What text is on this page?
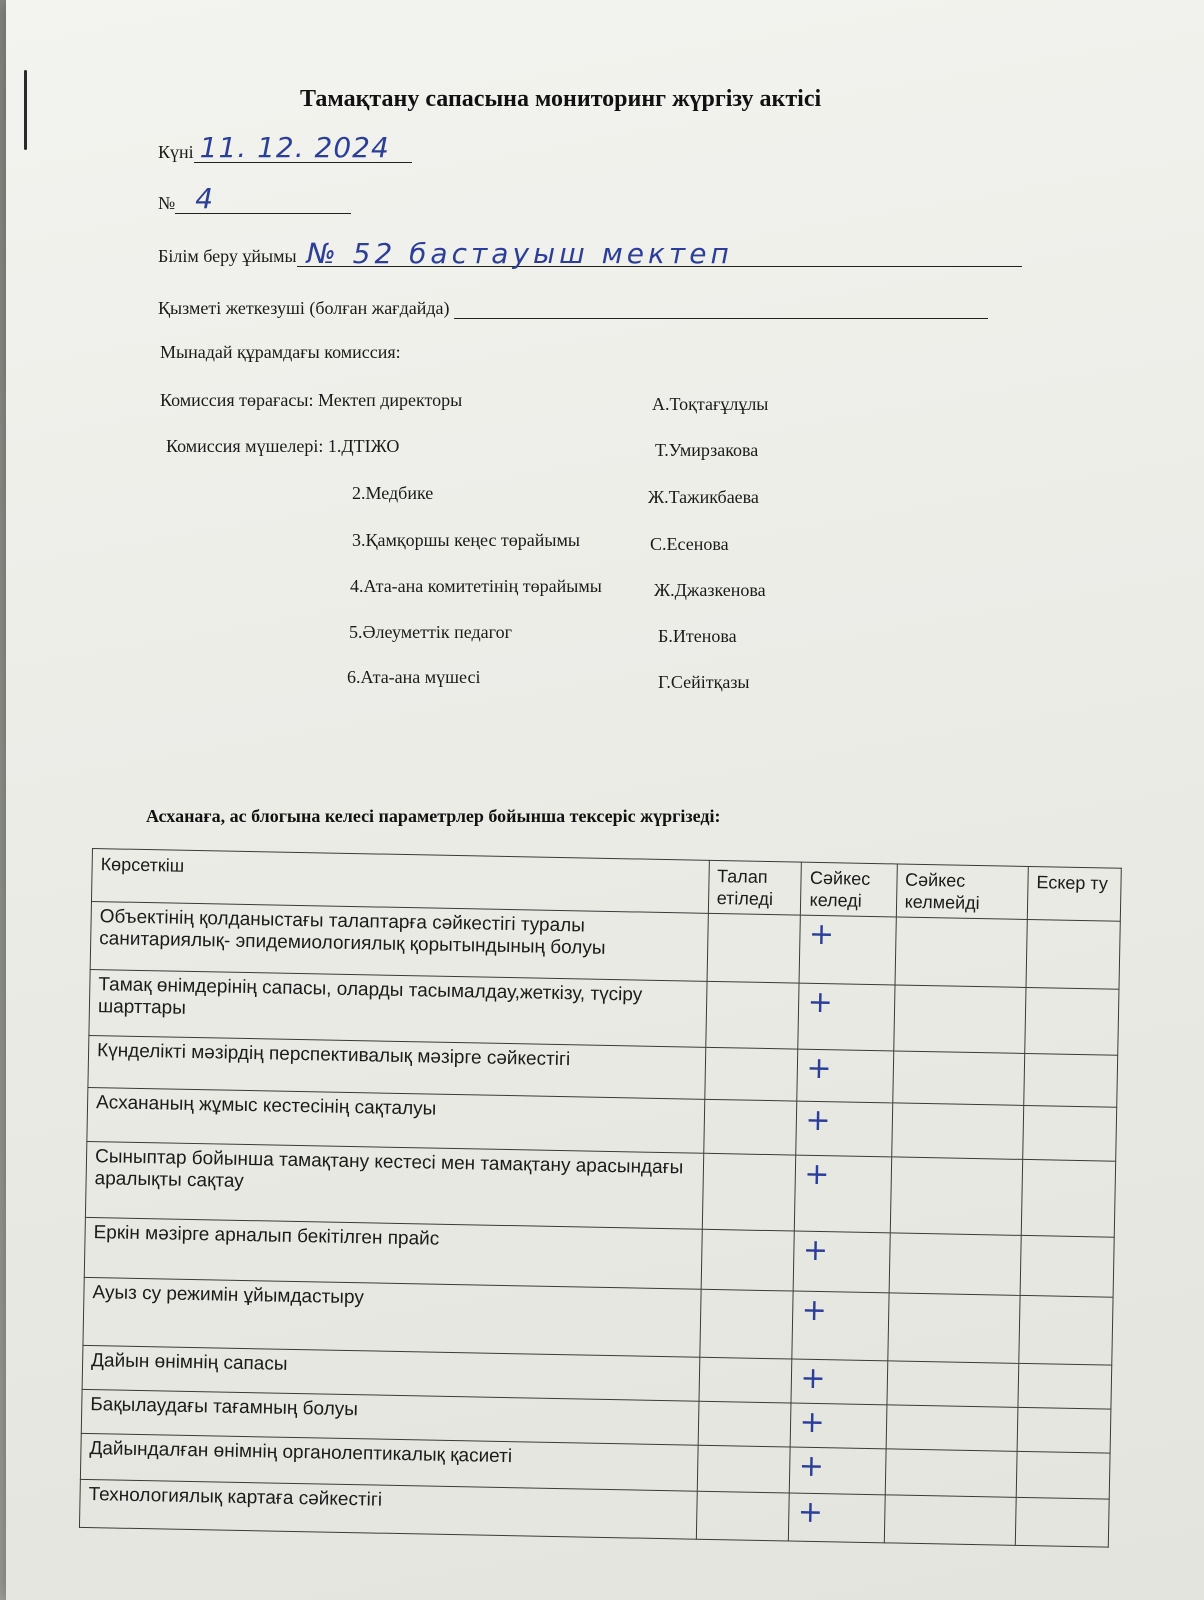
Тамақтану сапасына мониторинг жүргізу актісі
Күні 11. 12. 2024
№ 4
Білім беру ұйымы № 52 бастауыш мектеп
Қызметі жеткезуші (болған жағдайда)
Мынадай құрамдағы комиссия:
Комиссия төрағасы: Мектеп директоры	А.Тоқтағұлұлы
Комиссия мүшелері: 1.ДТІЖО	Т.Умирзакова
2.Медбике	Ж.Тажикбаева
3.Қамқоршы кеңес төрайымы	С.Есенова
4.Ата-ана комитетінің төрайымы	Ж.Джазкенова
5.Әлеуметтік педагог	Б.Итенова
6.Ата-ана мүшесі	Г.Сейітқазы
Асханаға, ас блогына келесі параметрлер бойынша тексеріс жүргізеді:
Көрсеткіш	Талап етіледі	Сәйкес келеді	Сәйкес келмейді	Ескер ту
Объектінің қолданыстағы талаптарға сәйкестігі туралы санитариялық- эпидемиологиялық қорытындының болуы		+		
Тамақ өнімдерінің сапасы, оларды тасымалдау,жеткізу, түсіру шарттары		+		
Күнделікті мәзірдің перспективалық мәзірге сәйкестігі		+		
Асхананың жұмыс кестесінің сақталуы		+		
Сыныптар бойынша тамақтану кестесі мен тамақтану арасындағы аралықты сақтау		+		
Еркін мәзірге арналып бекітілген прайс		+		
Ауыз су режимін ұйымдастыру		+		
Дайын өнімнің сапасы		+		
Бақылаудағы тағамның болуы		+		
Дайындалған өнімнің органолептикалық қасиеті		+		
Технологиялық картаға сәйкестігі		+		
